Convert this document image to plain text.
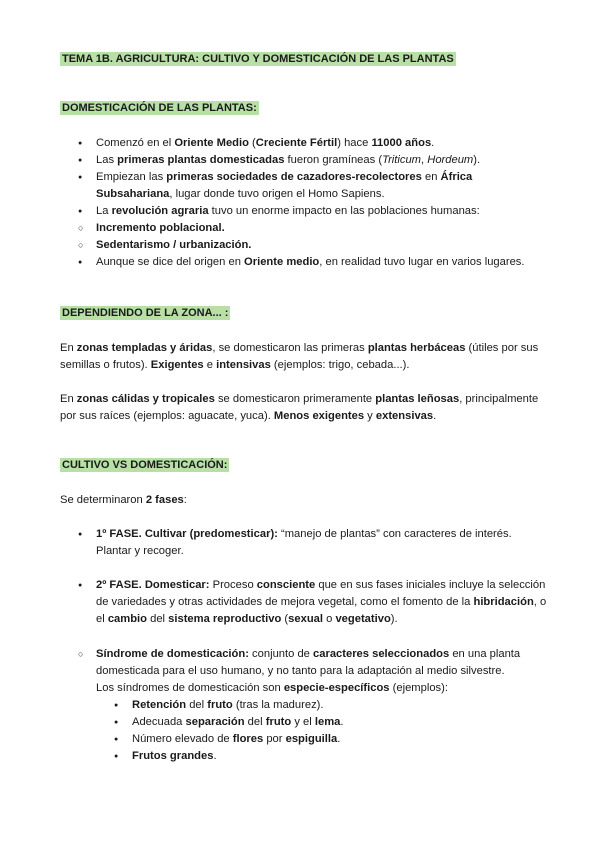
TEMA 1B. AGRICULTURA: CULTIVO Y DOMESTICACIÓN DE LAS PLANTAS
DOMESTICACIÓN DE LAS PLANTAS:
● Comenzó en el Oriente Medio (Creciente Fértil) hace 11000 años.
● Las primeras plantas domesticadas fueron gramíneas (Triticum, Hordeum).
● Empiezan las primeras sociedades de cazadores-recolectores en África Subsahariana, lugar donde tuvo origen el Homo Sapiens.
● La revolución agraria tuvo un enorme impacto en las poblaciones humanas:
○ Incremento poblacional.
○ Sedentarismo / urbanización.
● Aunque se dice del origen en Oriente medio, en realidad tuvo lugar en varios lugares.
DEPENDIENDO DE LA ZONA... :

En zonas templadas y áridas, se domesticaron las primeras plantas herbáceas (útiles por sus semillas o frutos). Exigentes e intensivas (ejemplos: trigo, cebada...).

En zonas cálidas y tropicales se domesticaron primeramente plantas leñosas, principalmente por sus raíces (ejemplos: aguacate, yuca). Menos exigentes y extensivas.

CULTIVO VS DOMESTICACIÓN:

Se determinaron 2 fases:

● 1º FASE. Cultivar (predomesticar): “manejo de plantas” con caracteres de interés. Plantar y recoger.
● 2º FASE. Domesticar: Proceso consciente que en sus fases iniciales incluye la selección de variedades y otras actividades de mejora vegetal, como el fomento de la hibridación, o el cambio del sistema reproductivo (sexual o vegetativo).
○ Síndrome de domesticación: conjunto de caracteres seleccionados en una planta domesticada para el uso humano, y no tanto para la adaptación al medio silvestre.
Los síndromes de domesticación son especie-específicos (ejemplos):
● Retención del fruto (tras la madurez).
● Adecuada separación del fruto y el lema.
● Número elevado de flores por espiguilla.
● Frutos grandes.
